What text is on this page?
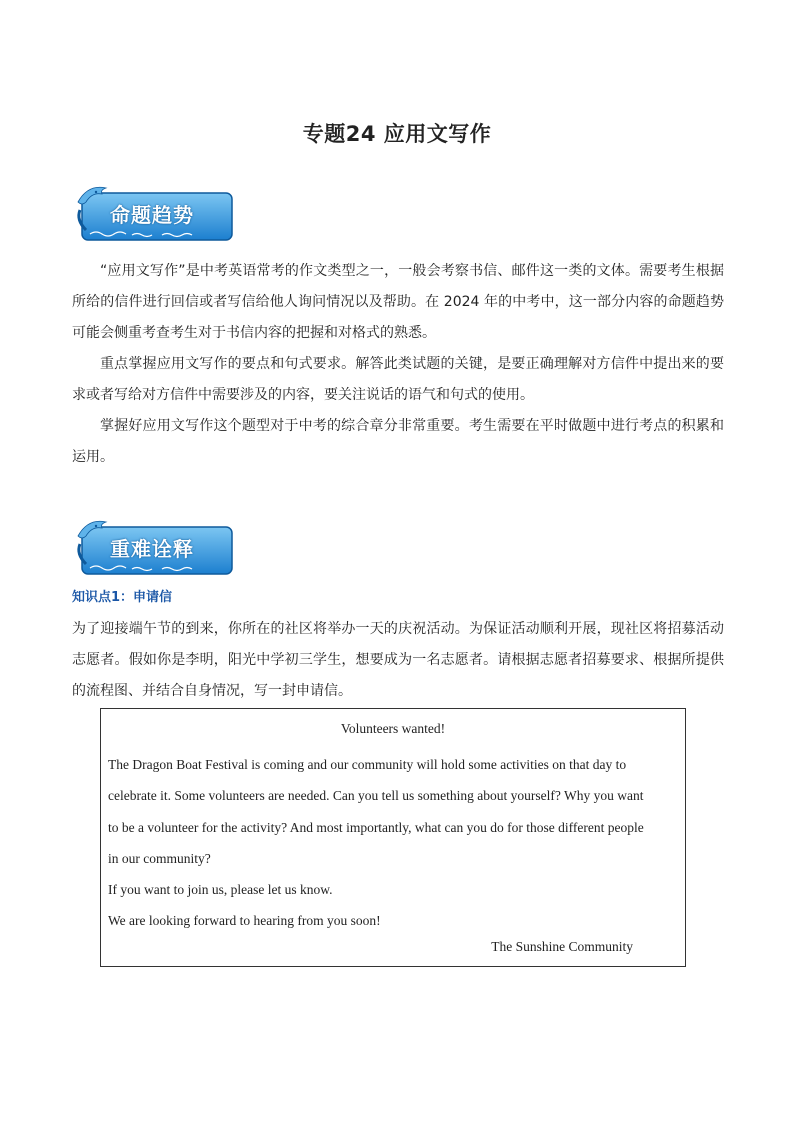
专题24 应用文写作
命题趋势
“应用文写作”是中考英语常考的作文类型之一，一般会考察书信、邮件这一类的文体。需要考生根据所给的信件进行回信或者写信给他人询问情况以及帮助。在 2024 年的中考中，这一部分内容的命题趋势可能会侧重考查考生对于书信内容的把握和对格式的熟悉。
重点掌握应用文写作的要点和句式要求。解答此类试题的关键，是要正确理解对方信件中提出来的要求或者写给对方信件中需要涉及的内容，要关注说话的语气和句式的使用。
掌握好应用文写作这个题型对于中考的综合章分非常重要。考生需要在平时做题中进行考点的积累和运用。
重难诠释
知识点1：申请信
为了迎接端午节的到来，你所在的社区将举办一天的庆祝活动。为保证活动顺利开展，现社区将招募活动志愿者。假如你是李明，阳光中学初三学生，想要成为一名志愿者。请根据志愿者招募要求、根据所提供的流程图、并结合自身情况，写一封申请信。
Volunteers wanted!
The Dragon Boat Festival is coming and our community will hold some activities on that day to
celebrate it. Some volunteers are needed. Can you tell us something about yourself? Why you want
to be a volunteer for the activity? And most importantly, what can you do for those different people
in our community?
If you want to join us, please let us know.
We are looking forward to hearing from you soon!
The Sunshine Community
